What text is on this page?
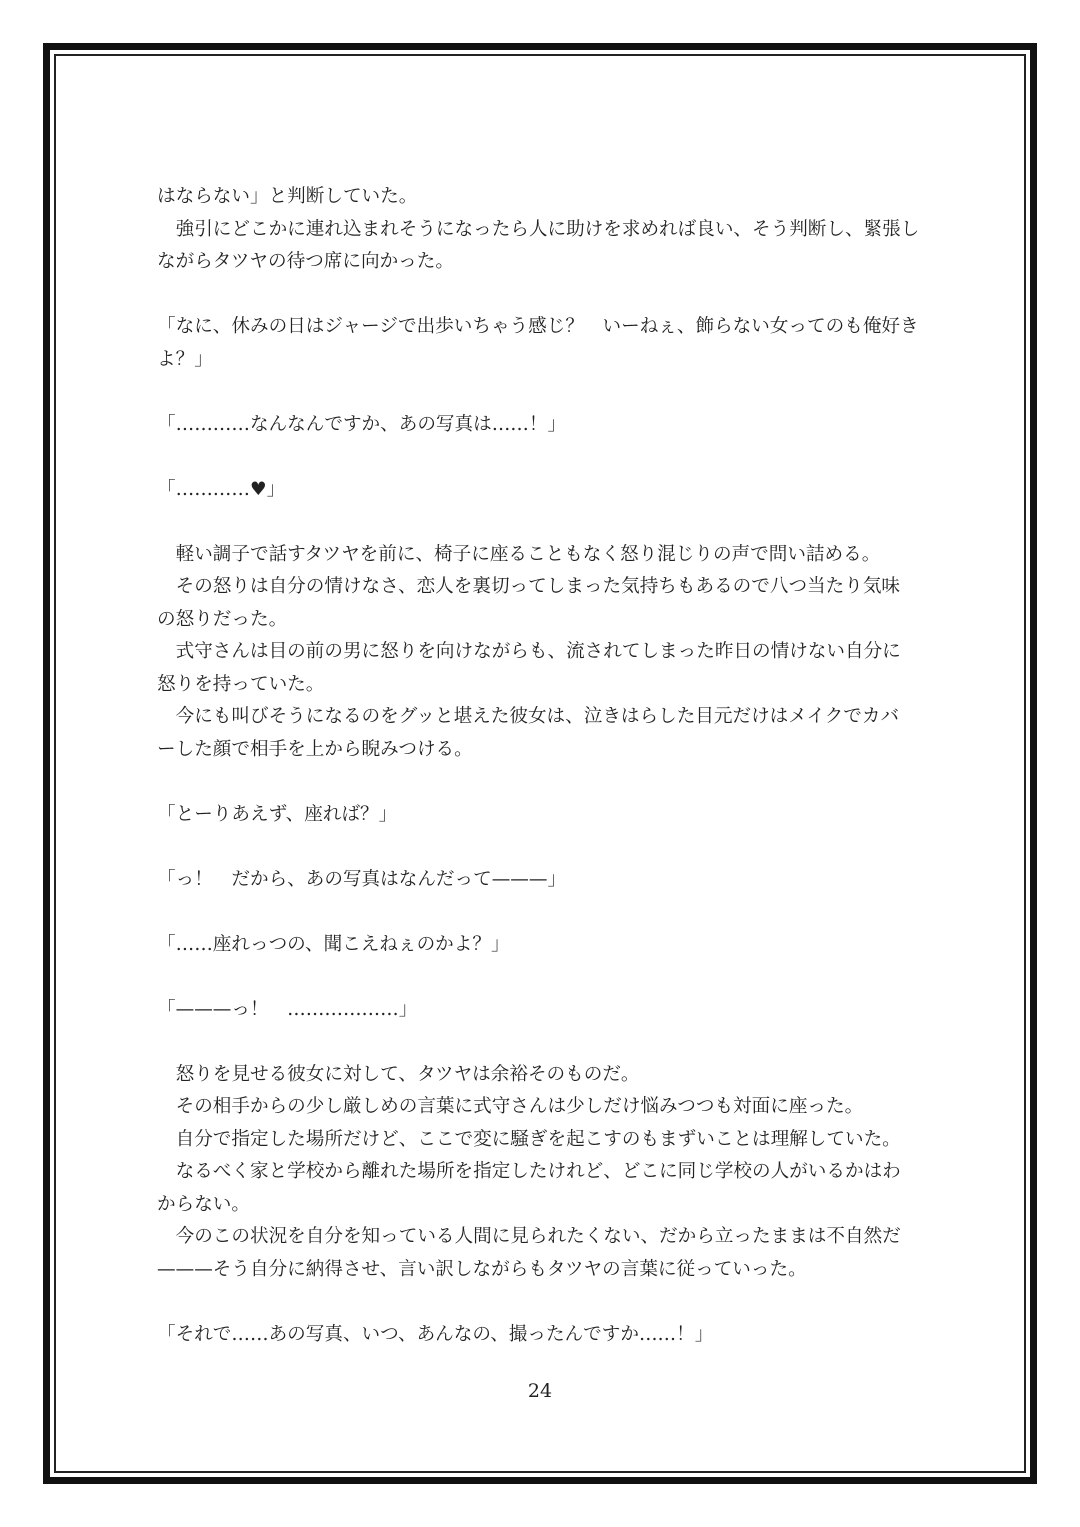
はならない」と判断していた。
　強引にどこかに連れ込まれそうになったら人に助けを求めれば良い、そう判断し、緊張し
ながらタツヤの待つ席に向かった。
「なに、休みの日はジャージで出歩いちゃう感じ？　いーねぇ、飾らない女ってのも俺好き
よ？」
「…………なんなんですか、あの写真は……！」
「…………♥」
　軽い調子で話すタツヤを前に、椅子に座ることもなく怒り混じりの声で問い詰める。
　その怒りは自分の情けなさ、恋人を裏切ってしまった気持ちもあるので八つ当たり気味
の怒りだった。
　式守さんは目の前の男に怒りを向けながらも、流されてしまった昨日の情けない自分に
怒りを持っていた。
　今にも叫びそうになるのをグッと堪えた彼女は、泣きはらした目元だけはメイクでカバ
ーした顔で相手を上から睨みつける。
「とーりあえず、座れば？」
「っ！　だから、あの写真はなんだって———」
「……座れっつの、聞こえねぇのかよ？」
「———っ！　………………」
　怒りを見せる彼女に対して、タツヤは余裕そのものだ。
　その相手からの少し厳しめの言葉に式守さんは少しだけ悩みつつも対面に座った。
　自分で指定した場所だけど、ここで変に騒ぎを起こすのもまずいことは理解していた。
　なるべく家と学校から離れた場所を指定したけれど、どこに同じ学校の人がいるかはわ
からない。
　今のこの状況を自分を知っている人間に見られたくない、だから立ったままは不自然だ
———そう自分に納得させ、言い訳しながらもタツヤの言葉に従っていった。
「それで……あの写真、いつ、あんなの、撮ったんですか……！」
24
